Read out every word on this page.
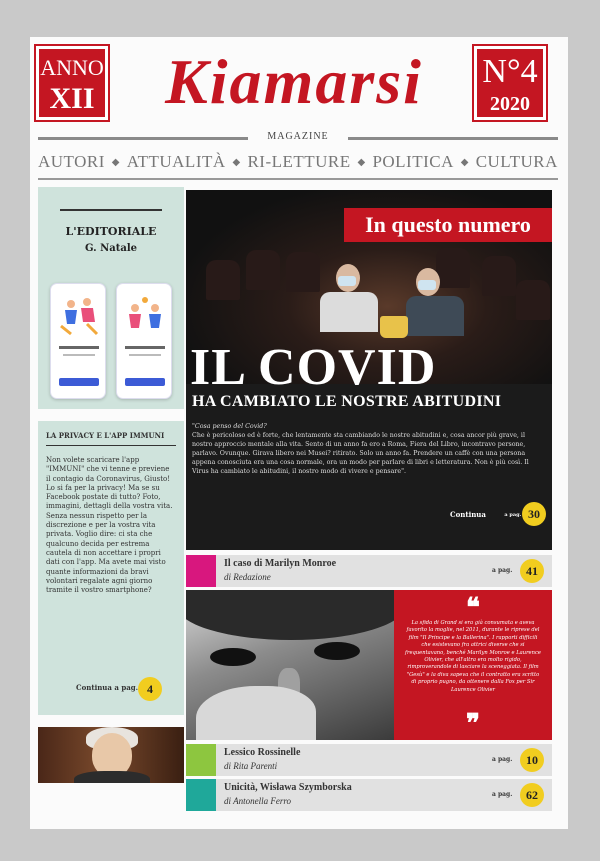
ANNO
XII	Kiamarsi	N°4
2020
MAGAZINE
AUTORI ◆ ATTUALITÀ ◆ RI-LETTURE ◆ POLITICA ◆ CULTURA
L'EDITORIALE
G. Natale
LA PRIVACY E L'APP IMMUNI
Non volete scaricare l'app "IMMUNI" che vi tenne e previene il contagio da Coronavirus, Giusto! Lo si fa per la privacy! Ma se su Facebook postate di tutto? Foto, immagini, dettagli della vostra vita. Senza nessun rispetto per la discrezione e per la vostra vita privata. Voglio dire: ci sta che qualcuno decida per estrema cautela di non accettare i propri dati con l'app. Ma avete mai visto quante informazioni da bravi volontari regalate agni giorno tramite il vostro smartphone?
Continua a pag. 4
In questo numero
IL COVID
HA CAMBIATO LE NOSTRE ABITUDINI
"Cosa penso del Covid?
Che è pericoloso ed è forte, che lentamente sta cambiando le nostre abitudini e, cosa ancor più grave, il nostro approccio mentale alla vita. Sento di un anno fa ero a Roma, Fiera del Libro, incontravo persone, parlavo. Ovunque. Girava libero nei Musei? ritirato. Solo un anno fa. Prendere un caffè con una persona appena conosciuta era una cosa normale, ora un modo per parlare di libri e letteratura. Non è più così. Il Virus ha cambiato le abitudini, il nostro modo di vivere e pensare".
Continua	a pag. 30
Il caso di Marilyn Monroe
di Redazione
a pag.	41
❝
La sfida di Grand si era già consumata e aveva favorito la moglie, nel 2011, durante le riprese del film "Il Principe e la Ballerina". I rapporti difficili che esistevano fra attrici diverse che si frequentavano, benché Marilyn Monroe e Laurence Olivier, che all'altra era molto rigido, rimproverandole di lasciare la sceneggiata. Il film "Gesù" e la diva sapeva che il contratto era scritto di proprio pugno, da ottenere dalla Fox per Sir Laurence Olivier
❞
Lessico Rossinelle
di Rita Parenti
a pag.	10
Unicità, Wisława Szymborska
di Antonella Ferro
a pag.	62
